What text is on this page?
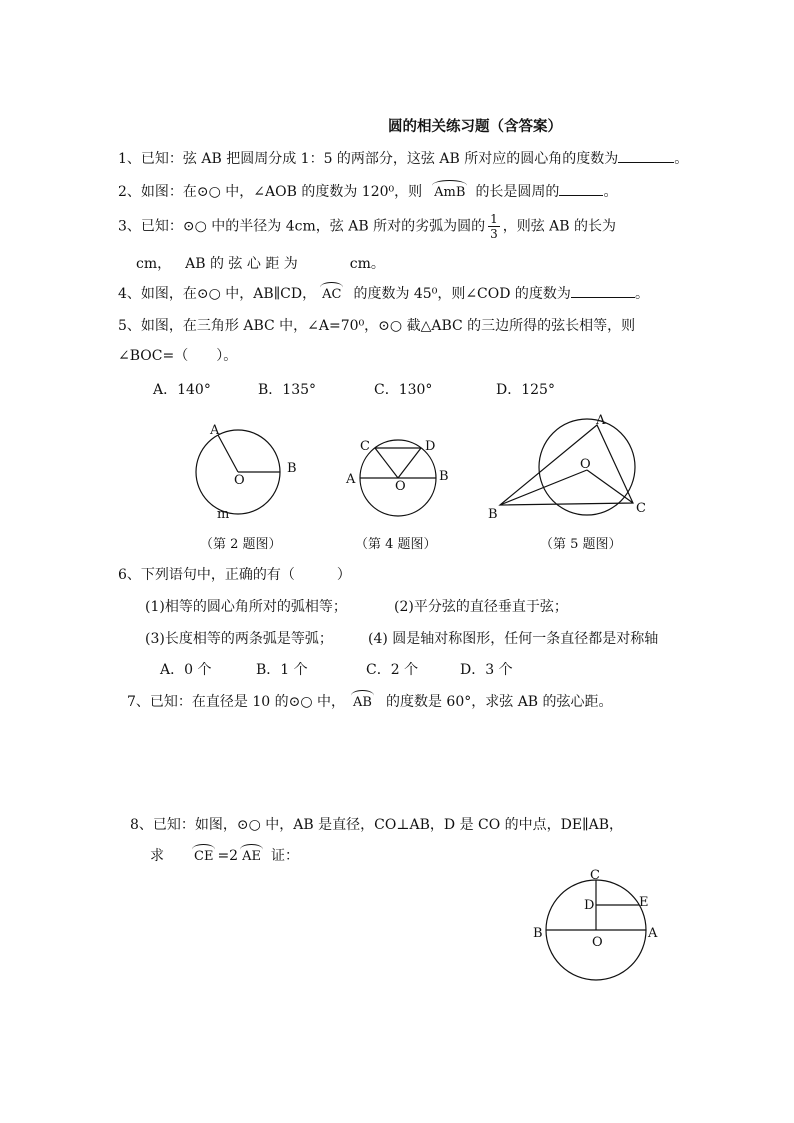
圆的相关练习题（含答案）
1、已知：弦 AB 把圆周分成 1：5 的两部分，这弦 AB 所对应的圆心角的度数为	。
2、如图：在⊙○ 中，∠AOB 的度数为 120⁰，则 AmB 的长是圆周的	。
3、已知：⊙○ 中的半径为 4cm，弦 AB 所对的劣弧为圆的 $\frac{1}{3}$ ，则弦 AB 的长为
cm， AB 的 弦 心 距 为	cm。
4、如图，在⊙○ 中，AB∥CD， AC 的度数为 45⁰，则∠COD 的度数为	。
5、如图，在三角形 ABC 中，∠A=70⁰，⊙○ 截△ABC 的三边所得的弦长相等，则
∠BOC=（　　）。
A．140°	B．135°	C．130°	D．125°
A
B
O
m
（第 2 题图）
C	D
A	B
O
（第 4 题图）
A
O
B	C
（第 5 题图）
6、下列语句中，正确的有（　　　）
(1)相等的圆心角所对的弧相等；	(2)平分弦的直径垂直于弦；
(3)长度相等的两条弧是等弧；	(4) 圆是轴对称图形，任何一条直径都是对称轴
A．0 个	B．1 个	C．2 个	D．3 个
7、已知：在直径是 10 的⊙○ 中， AB 的度数是 60°，求弦 AB 的弦心距。
8、已知：如图，⊙○ 中，AB 是直径，CO⊥AB，D 是 CO 的中点，DE∥AB，
求 CE =2 AE 证：
C
D	E
B
O
A
